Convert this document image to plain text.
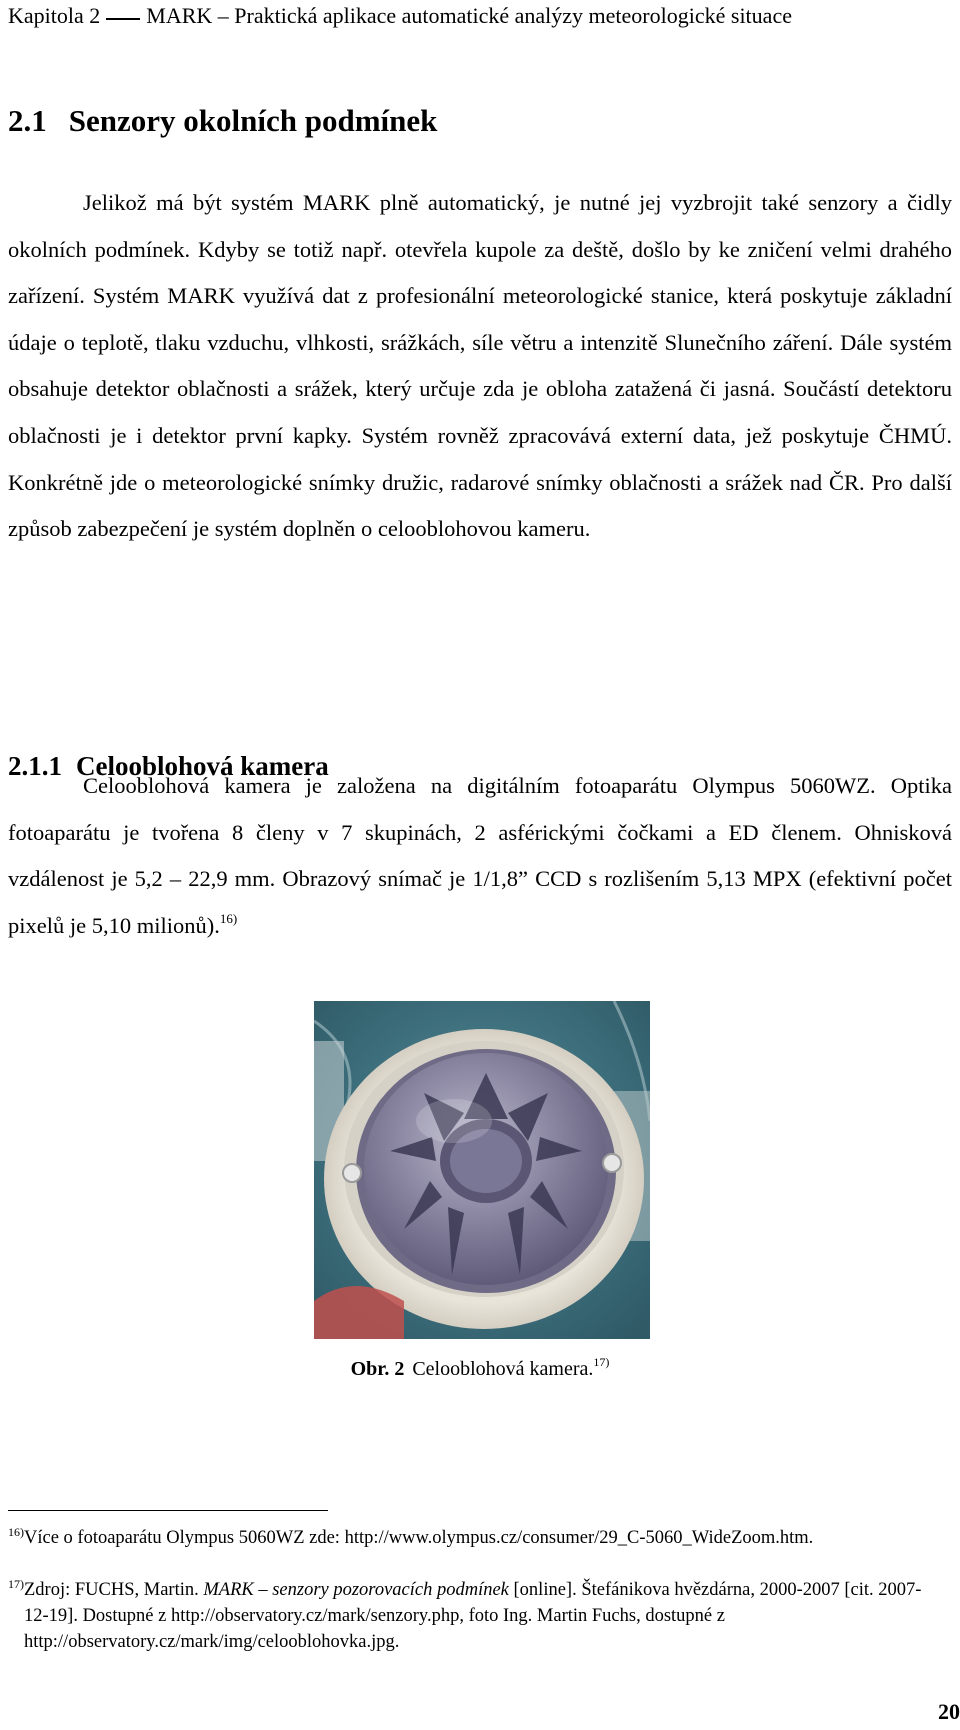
Kapitola 2 MARK – Praktická aplikace automatické analýzy meteorologické situace
2.1 Senzory okolních podmínek

Jelikož má být systém MARK plně automatický, je nutné jej vyzbrojit také senzory a čidly okolních podmínek. Kdyby se totiž např. otevřela kupole za deště, došlo by ke zničení velmi drahého zařízení. Systém MARK využívá dat z profesionální meteorologické stanice, která poskytuje základní údaje o teplotě, tlaku vzduchu, vlhkosti, srážkách, síle větru a intenzitě Slunečního záření. Dále systém obsahuje detektor oblačnosti a srážek, který určuje zda je obloha zatažená či jasná. Součástí detektoru oblačnosti je i detektor první kapky. Systém rovněž zpracovává externí data, jež poskytuje ČHMÚ. Konkrétně jde o meteorologické snímky družic, radarové snímky oblačnosti a srážek nad ČR. Pro další způsob zabezpečení je systém doplněn o celooblohovou kameru.

2.1.1 Celooblohová kamera

Celooblohová kamera je založena na digitálním fotoaparátu Olympus 5060WZ. Optika fotoaparátu je tvořena 8 členy v 7 skupinách, 2 asférickými čočkami a ED členem. Ohnisková vzdálenost je 5,2 – 22,9 mm. Obrazový snímač je 1/1,8” CCD s rozlišením 5,13 MPX (efektivní počet pixelů je 5,10 milionů).$^{16)}$

Obr. 2 Celooblohová kamera.$^{17)}$
16) Více o fotoaparátu Olympus 5060WZ zde: http://www.olympus.cz/consumer/29_C-5060_WideZoom.htm.
17) Zdroj: FUCHS, Martin. MARK – senzory pozorovacích podmínek [online]. Štefánikova hvězdárna, 2000-2007 [cit. 2007-12-19]. Dostupné z http://observatory.cz/mark/senzory.php, foto Ing. Martin Fuchs, dostupné z http://observatory.cz/mark/img/celooblohovka.jpg.
20
